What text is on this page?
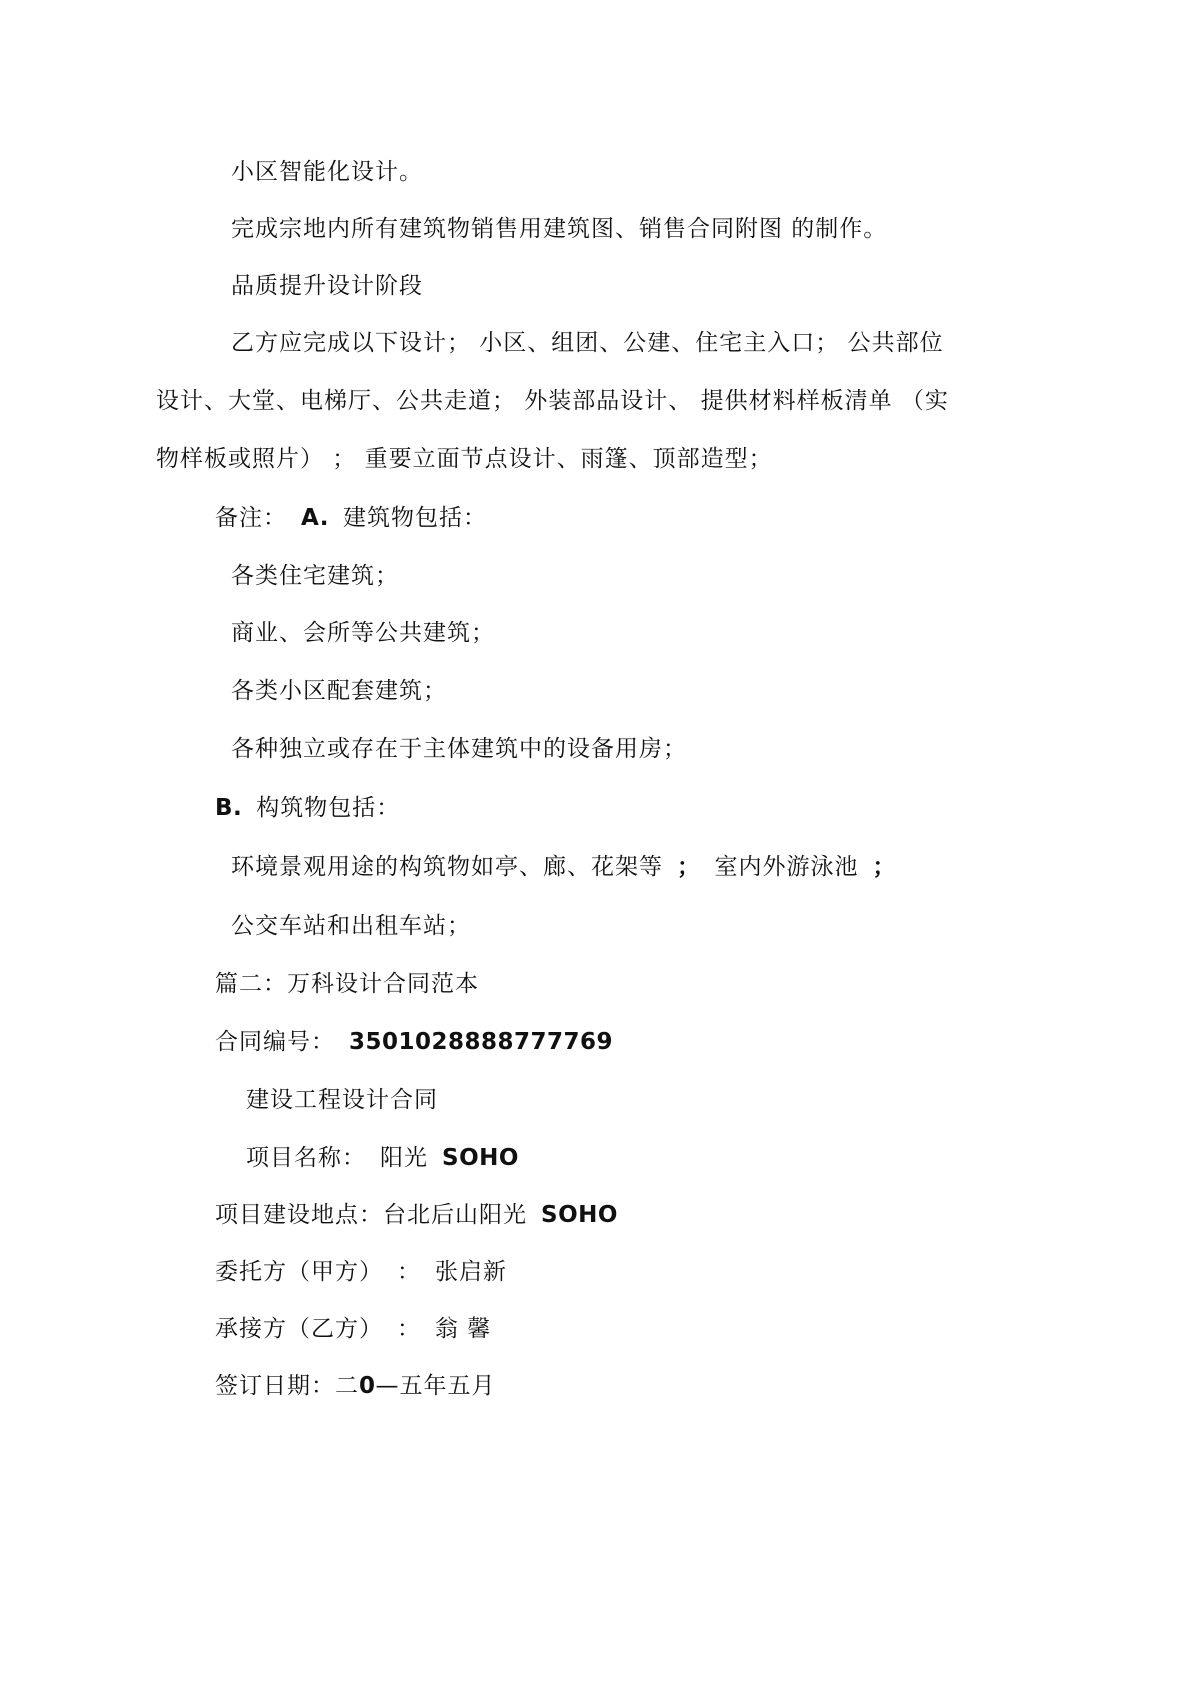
小区智能化设计。
完成宗地内所有建筑物销售用建筑图、销售合同附图 的制作。
品质提升设计阶段
乙方应完成以下设计； 小区、组团、公建、住宅主入口； 公共部位
设计、大堂、电梯厅、公共走道； 外装部品设计、 提供材料样板清单 （实
物样板或照片） ； 重要立面节点设计、雨篷、顶部造型；
备注： A. 建筑物包括：
各类住宅建筑；
商业、会所等公共建筑；
各类小区配套建筑；
各种独立或存在于主体建筑中的设备用房；
B. 构筑物包括：
环境景观用途的构筑物如亭、廊、花架等 ； 室内外游泳池 ；
公交车站和出租车站；
篇二：万科设计合同范本
合同编号： 3501028888777769
建设工程设计合同
项目名称： 阳光 SOHO
项目建设地点：台北后山阳光 SOHO
委托方（甲方） ： 张启新
承接方（乙方） ： 翁 馨
签订日期：二0—五年五月
